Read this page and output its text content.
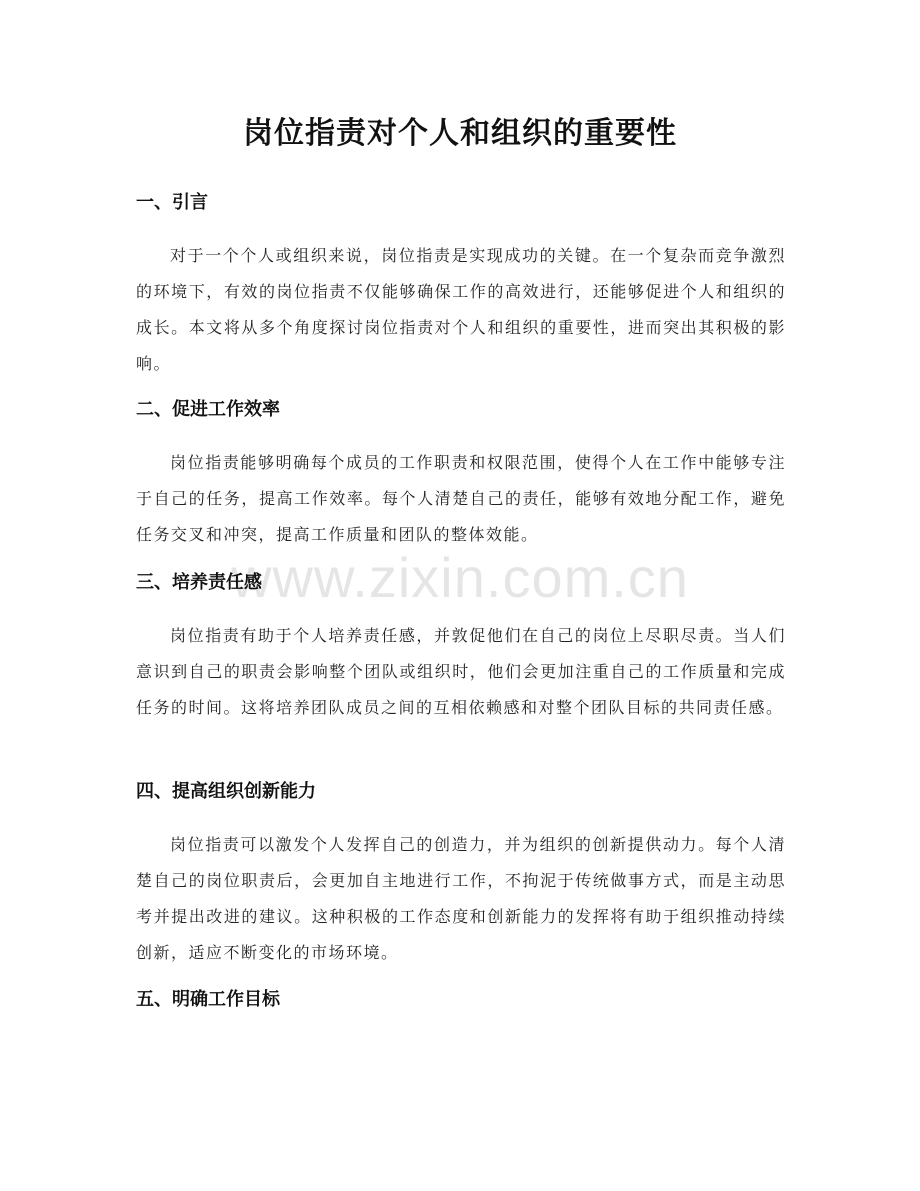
岗位指责对个人和组织的重要性
一、引言

对于一个个人或组织来说，岗位指责是实现成功的关键。在一个复杂而竞争激烈的环境下，有效的岗位指责不仅能够确保工作的高效进行，还能够促进个人和组织的成长。本文将从多个角度探讨岗位指责对个人和组织的重要性，进而突出其积极的影响。

二、促进工作效率

岗位指责能够明确每个成员的工作职责和权限范围，使得个人在工作中能够专注于自己的任务，提高工作效率。每个人清楚自己的责任，能够有效地分配工作，避免任务交叉和冲突，提高工作质量和团队的整体效能。

三、培养责任感

岗位指责有助于个人培养责任感，并敦促他们在自己的岗位上尽职尽责。当人们意识到自己的职责会影响整个团队或组织时，他们会更加注重自己的工作质量和完成任务的时间。这将培养团队成员之间的互相依赖感和对整个团队目标的共同责任感。

四、提高组织创新能力

岗位指责可以激发个人发挥自己的创造力，并为组织的创新提供动力。每个人清楚自己的岗位职责后，会更加自主地进行工作，不拘泥于传统做事方式，而是主动思考并提出改进的建议。这种积极的工作态度和创新能力的发挥将有助于组织推动持续创新，适应不断变化的市场环境。

五、明确工作目标
www.zixin.com.cn
